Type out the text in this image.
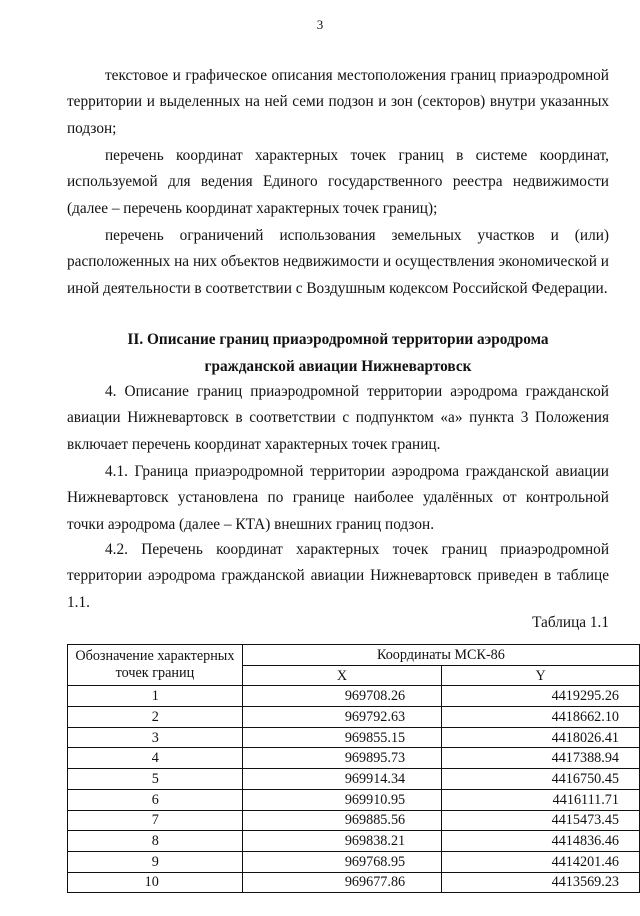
3

текстовое и графическое описания местоположения границ приаэродромной территории и выделенных на ней семи подзон и зон (секторов) внутри указанных подзон;

перечень координат характерных точек границ в системе координат, используемой для ведения Единого государственного реестра недвижимости (далее – перечень координат характерных точек границ);

перечень ограничений использования земельных участков и (или) расположенных на них объектов недвижимости и осуществления экономической и иной деятельности в соответствии с Воздушным кодексом Российской Федерации.

II. Описание границ приаэродромной территории аэродрома
гражданской авиации Нижневартовск

4. Описание границ приаэродромной территории аэродрома гражданской авиации Нижневартовск в соответствии с подпунктом «а» пункта 3 Положения включает перечень координат характерных точек границ.

4.1. Граница приаэродромной территории аэродрома гражданской авиации Нижневартовск установлена по границе наиболее удалённых от контрольной точки аэродрома (далее – КТА) внешних границ подзон.

4.2. Перечень координат характерных точек границ приаэродромной территории аэродрома гражданской авиации Нижневартовск приведен в таблице 1.1.

Таблица 1.1
Обозначение характерных точек границ	Координаты МСК-86	
	X	Y
1	969708.26	4419295.26
2	969792.63	4418662.10
3	969855.15	4418026.41
4	969895.73	4417388.94
5	969914.34	4416750.45
6	969910.95	4416111.71
7	969885.56	4415473.45
8	969838.21	4414836.46
9	969768.95	4414201.46
10	969677.86	4413569.23
